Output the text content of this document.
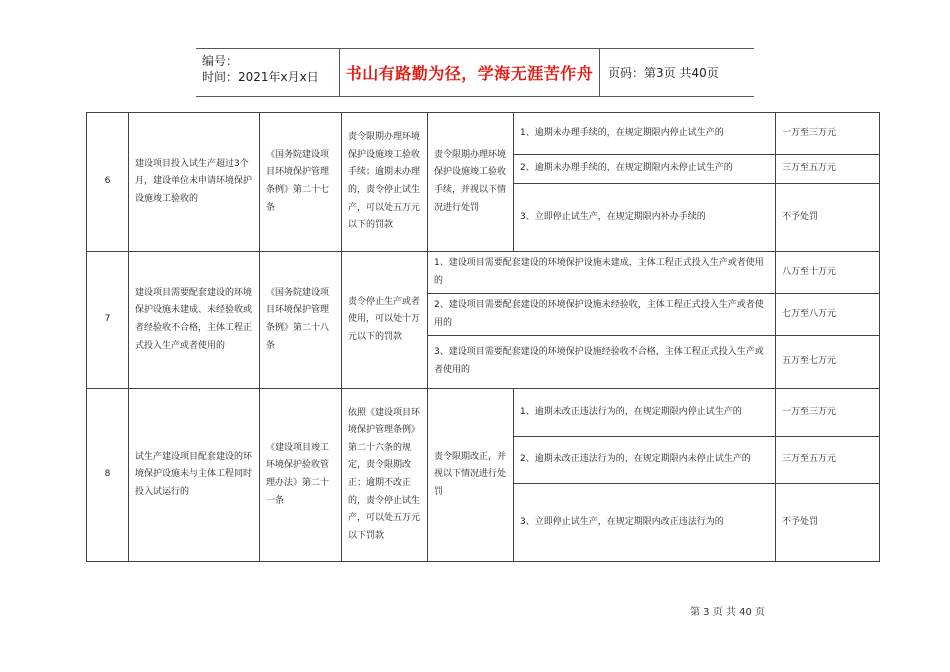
编号：
时间：2021年x月x日 书山有路勤为径，学海无涯苦作舟 页码：第3页 共40页
6	建设项目投入试生产超过3个月，建设单位未申请环境保护设施竣工验收的	《国务院建设项目环境保护管理条例》第二十七条	责令限期办理环境保护设施竣工验收手续；逾期未办理的，责令停止试生产，可以处五万元以下的罚款	责令限期办理环境保护设施竣工验收手续，并视以下情况进行处罚	1、逾期未办理手续的，在规定期限内停止试生产的	一万至三万元
					2、逾期未办理手续的，在规定期限内未停止试生产的	三万至五万元
					3、立即停止试生产，在规定期限内补办手续的	不予处罚
7	建设项目需要配套建设的环境保护设施未建成、未经验收或者经验收不合格，主体工程正式投入生产或者使用的	《国务院建设项目环境保护管理条例》第二十八条	责令停止生产或者使用，可以处十万元以下的罚款	1、建设项目需要配套建设的环境保护设施未建成，主体工程正式投入生产或者使用的		八万至十万元
				2、建设项目需要配套建设的环境保护设施未经验收，主体工程正式投入生产或者使用的		七万至八万元
				3、建设项目需要配套建设的环境保护设施经验收不合格，主体工程正式投入生产或者使用的		五万至七万元
8	试生产建设项目配套建设的环境保护设施未与主体工程同时投入试运行的	《建设项目竣工环境保护验收管理办法》第二十一条	依照《建设项目环境保护管理条例》第二十六条的规定，责令限期改正；逾期不改正的，责令停止试生产，可以处五万元以下罚款	责令限期改正，并视以下情况进行处罚	1、逾期未改正违法行为的，在规定期限内停止试生产的	一万至三万元
					2、逾期未改正违法行为的，在规定期限内未停止试生产的	三万至五万元
					3、立即停止试生产，在规定期限内改正违法行为的	不予处罚
第 3 页 共 40 页
